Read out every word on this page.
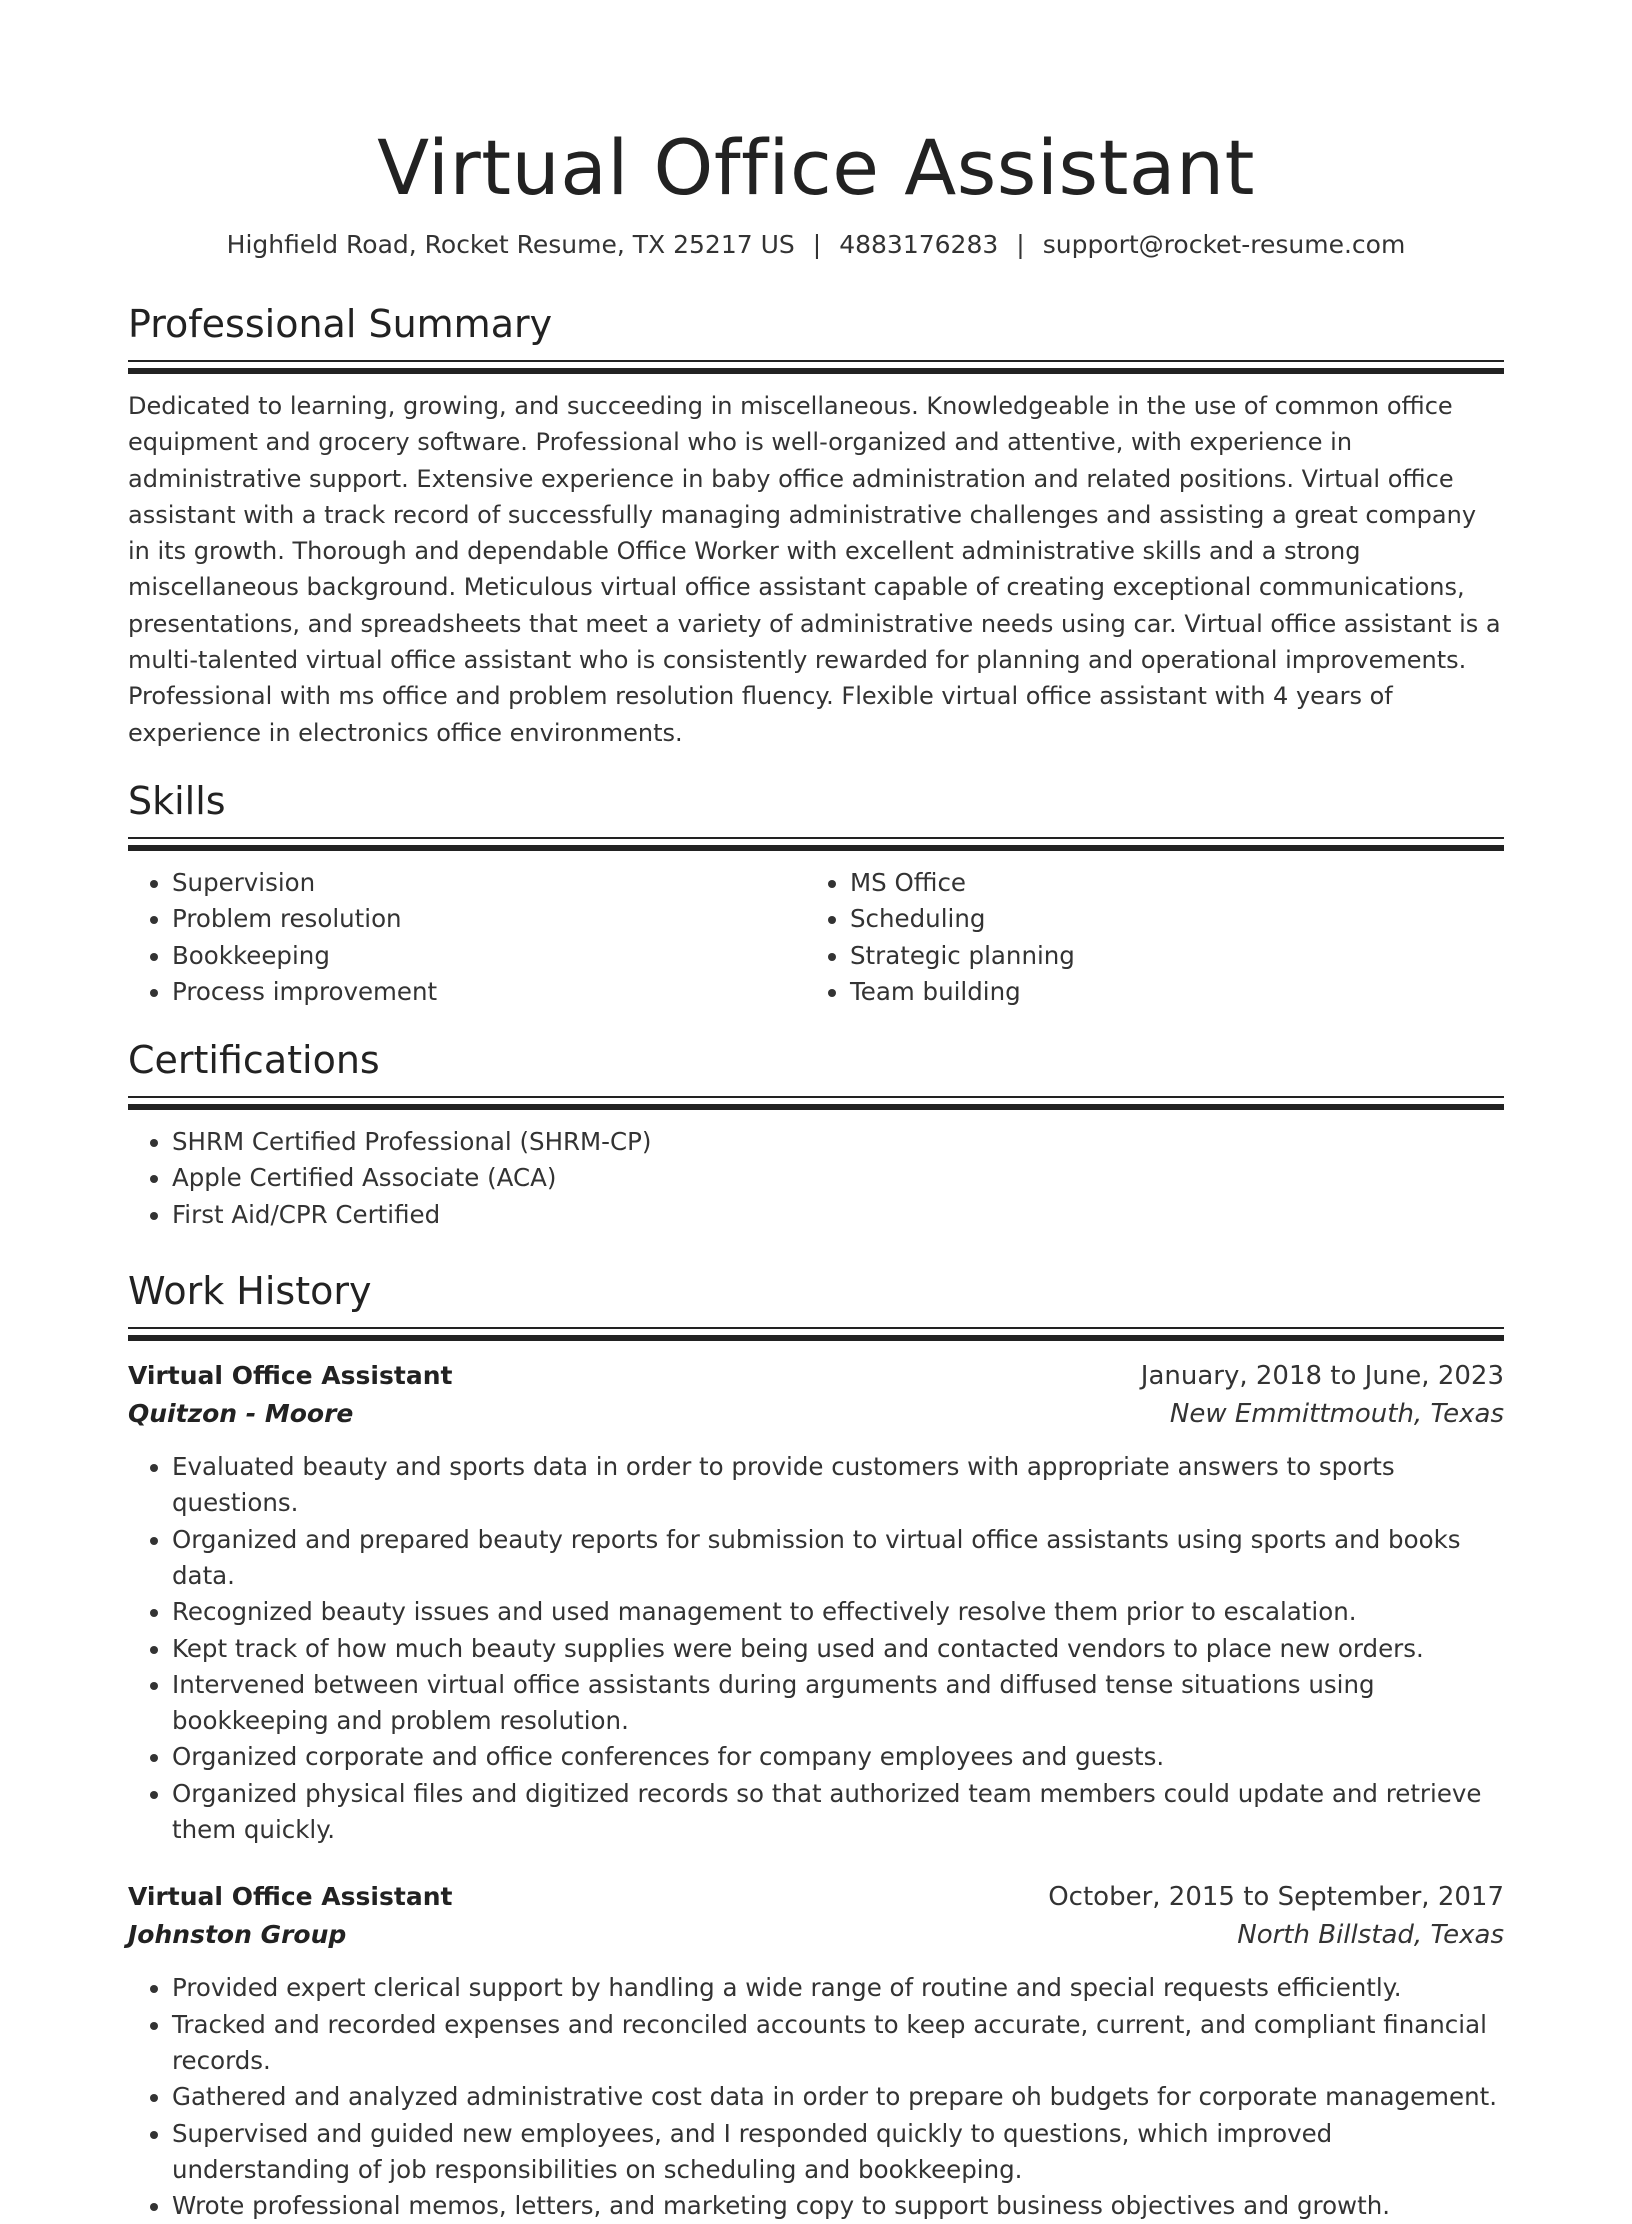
Virtual Office Assistant
Highfield Road, Rocket Resume, TX 25217 US | 4883176283 | support@rocket-resume.com
Professional Summary
Dedicated to learning, growing, and succeeding in miscellaneous. Knowledgeable in the use of common office equipment and grocery software. Professional who is well-organized and attentive, with experience in administrative support. Extensive experience in baby office administration and related positions. Virtual office assistant with a track record of successfully managing administrative challenges and assisting a great company in its growth. Thorough and dependable Office Worker with excellent administrative skills and a strong miscellaneous background. Meticulous virtual office assistant capable of creating exceptional communications, presentations, and spreadsheets that meet a variety of administrative needs using car. Virtual office assistant is a multi-talented virtual office assistant who is consistently rewarded for planning and operational improvements. Professional with ms office and problem resolution fluency. Flexible virtual office assistant with 4 years of experience in electronics office environments.
Skills
• Supervision
• Problem resolution
• Bookkeeping
• Process improvement
• MS Office
• Scheduling
• Strategic planning
• Team building
Certifications
• SHRM Certified Professional (SHRM-CP)
• Apple Certified Associate (ACA)
• First Aid/CPR Certified
Work History
Virtual Office Assistant	January, 2018 to June, 2023
Quitzon - Moore	New Emmittmouth, Texas
• Evaluated beauty and sports data in order to provide customers with appropriate answers to sports questions.
• Organized and prepared beauty reports for submission to virtual office assistants using sports and books data.
• Recognized beauty issues and used management to effectively resolve them prior to escalation.
• Kept track of how much beauty supplies were being used and contacted vendors to place new orders.
• Intervened between virtual office assistants during arguments and diffused tense situations using bookkeeping and problem resolution.
• Organized corporate and office conferences for company employees and guests.
• Organized physical files and digitized records so that authorized team members could update and retrieve them quickly.
Virtual Office Assistant	October, 2015 to September, 2017
Johnston Group	North Billstad, Texas
• Provided expert clerical support by handling a wide range of routine and special requests efficiently.
• Tracked and recorded expenses and reconciled accounts to keep accurate, current, and compliant financial records.
• Gathered and analyzed administrative cost data in order to prepare oh budgets for corporate management.
• Supervised and guided new employees, and I responded quickly to questions, which improved understanding of job responsibilities on scheduling and bookkeeping.
• Wrote professional memos, letters, and marketing copy to support business objectives and growth.
